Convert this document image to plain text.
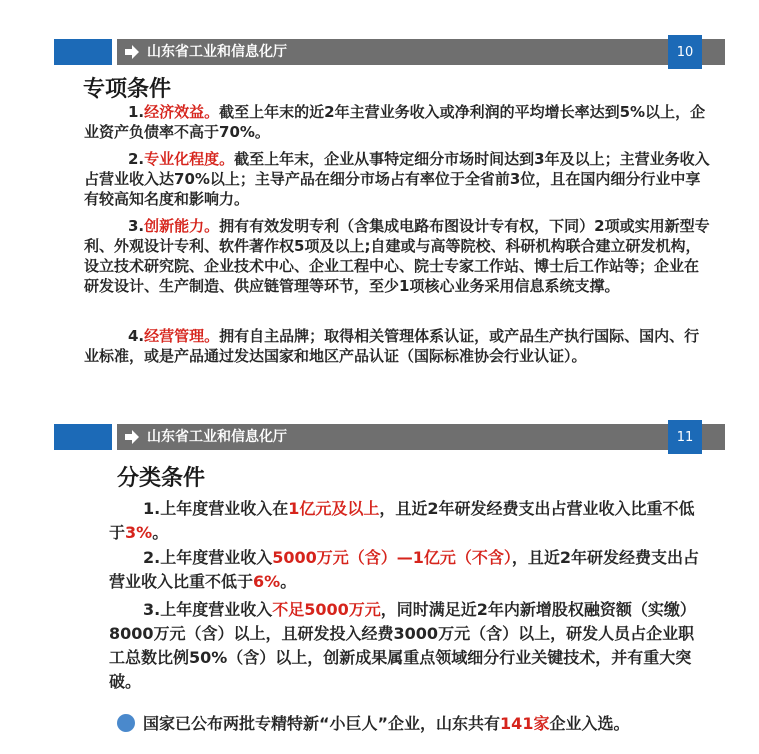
山东省工业和信息化厅	10
专项条件
1.经济效益。截至上年末的近2年主营业务收入或净利润的平均增长率达到5%以上，企业资产负债率不高于70%。
2.专业化程度。截至上年末，企业从事特定细分市场时间达到3年及以上；主营业务收入占营业收入达70%以上；主导产品在细分市场占有率位于全省前3位，且在国内细分行业中享有较高知名度和影响力。
3.创新能力。拥有有效发明专利（含集成电路布图设计专有权，下同）2项或实用新型专利、外观设计专利、软件著作权5项及以上;自建或与高等院校、科研机构联合建立研发机构，设立技术研究院、企业技术中心、企业工程中心、院士专家工作站、博士后工作站等；企业在研发设计、生产制造、供应链管理等环节，至少1项核心业务采用信息系统支撑。
4.经营管理。拥有自主品牌；取得相关管理体系认证，或产品生产执行国际、国内、行业标准，或是产品通过发达国家和地区产品认证（国际标准协会行业认证）。
山东省工业和信息化厅	11
分类条件
1.上年度营业收入在1亿元及以上，且近2年研发经费支出占营业收入比重不低于3%。
2.上年度营业收入5000万元（含）—1亿元（不含），且近2年研发经费支出占营业收入比重不低于6%。
3.上年度营业收入不足5000万元，同时满足近2年内新增股权融资额（实缴）8000万元（含）以上，且研发投入经费3000万元（含）以上，研发人员占企业职工总数比例50%（含）以上，创新成果属重点领域细分行业关键技术，并有重大突破。
国家已公布两批专精特新“小巨人”企业，山东共有 141家 企业入选。
